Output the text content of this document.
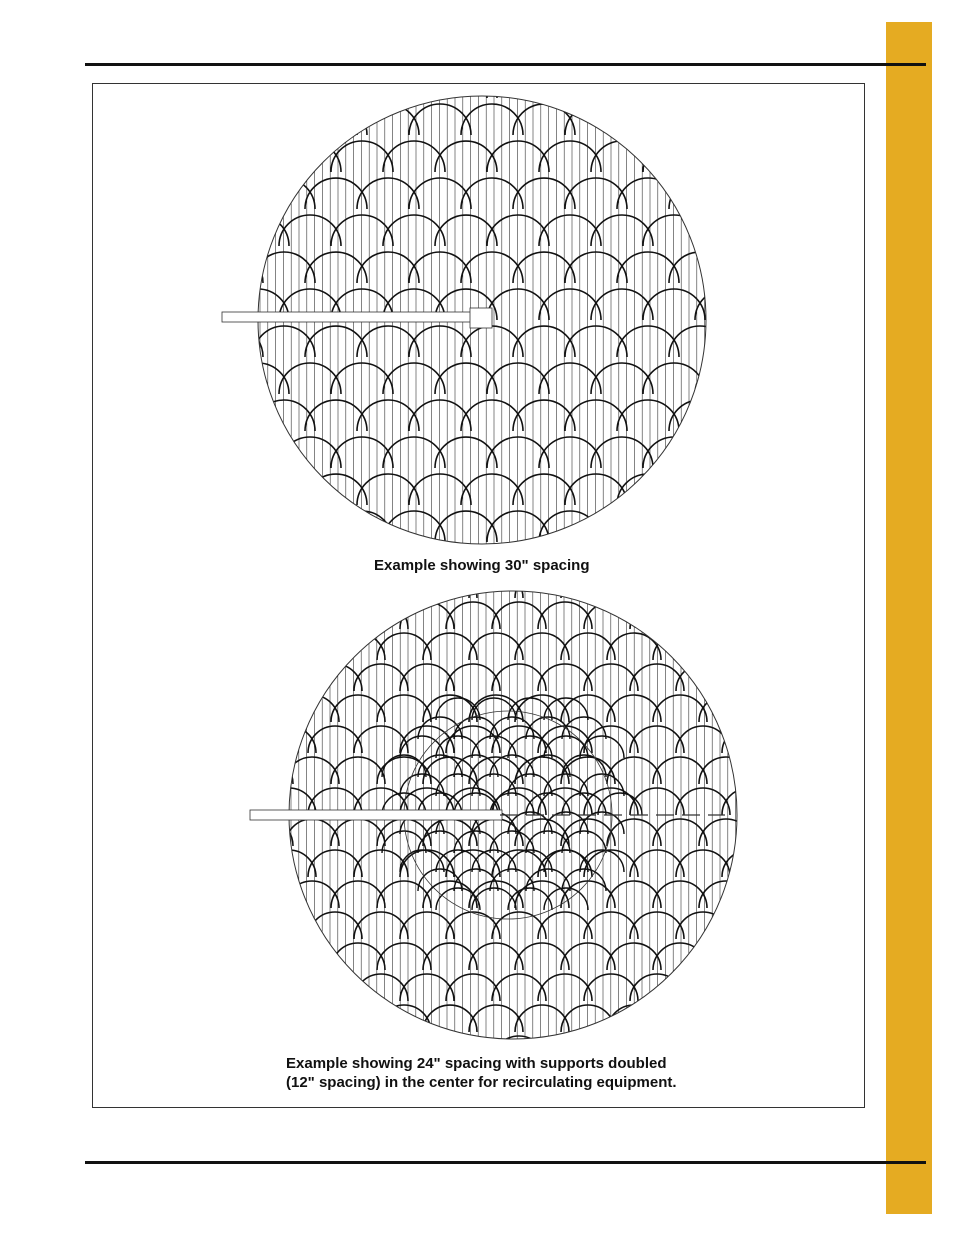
Example showing 30" spacing
Example showing 24" spacing with supports doubled
(12" spacing) in the center for recirculating equipment.
